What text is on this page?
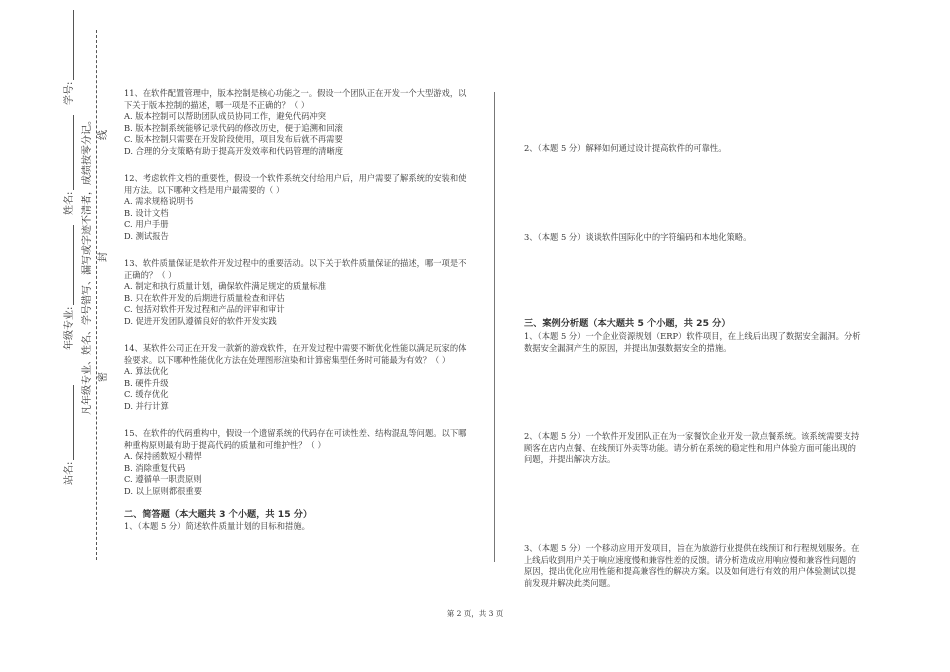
凡年级专业、姓名、学号错写、漏写或字迹不清者，成绩按零分记。 密
封
线
学号:
姓名:
年级专业:
站名:

11、在软件配置管理中，版本控制是核心功能之一。假设一个团队正在开发一个大型游戏，以下关于版本控制的描述，哪一项是不正确的？（ ）

A. 版本控制可以帮助团队成员协同工作，避免代码冲突

B. 版本控制系统能够记录代码的修改历史，便于追溯和回滚

C. 版本控制只需要在开发阶段使用，项目发布后就不再需要

D. 合理的分支策略有助于提高开发效率和代码管理的清晰度

12、考虑软件文档的重要性，假设一个软件系统交付给用户后，用户需要了解系统的安装和使用方法。以下哪种文档是用户最需要的（ ）

A. 需求规格说明书

B. 设计文档

C. 用户手册

D. 测试报告

13、软件质量保证是软件开发过程中的重要活动。以下关于软件质量保证的描述，哪一项是不正确的？（ ）

A. 制定和执行质量计划，确保软件满足规定的质量标准

B. 只在软件开发的后期进行质量检查和评估

C. 包括对软件开发过程和产品的评审和审计

D. 促进开发团队遵循良好的软件开发实践

14、某软件公司正在开发一款新的游戏软件，在开发过程中需要不断优化性能以满足玩家的体验要求。以下哪种性能优化方法在处理图形渲染和计算密集型任务时可能最为有效？（ ）

A. 算法优化

B. 硬件升级

C. 缓存优化

D. 并行计算

15、在软件的代码重构中，假设一个遗留系统的代码存在可读性差、结构混乱等问题。以下哪种重构原则最有助于提高代码的质量和可维护性？（ ）

A. 保持函数短小精悍

B. 消除重复代码

C. 遵循单一职责原则

D. 以上原则都很重要

二、简答题（本大题共 3 个小题，共 15 分）

1、（本题 5 分）简述软件质量计划的目标和措施。

2、（本题 5 分）解释如何通过设计提高软件的可靠性。

3、（本题 5 分）谈谈软件国际化中的字符编码和本地化策略。

三、案例分析题（本大题共 5 个小题，共 25 分）

1、（本题 5 分）一个企业资源规划（ERP）软件项目，在上线后出现了数据安全漏洞。分析数据安全漏洞产生的原因，并提出加强数据安全的措施。

2、（本题 5 分）一个软件开发团队正在为一家餐饮企业开发一款点餐系统。该系统需要支持顾客在店内点餐、在线预订外卖等功能。请分析在系统的稳定性和用户体验方面可能出现的问题，并提出解决方法。

3、（本题 5 分）一个移动应用开发项目，旨在为旅游行业提供在线预订和行程规划服务。在上线后收到用户关于响应速度慢和兼容性差的反馈。请分析造成应用响应慢和兼容性问题的原因，提出优化应用性能和提高兼容性的解决方案。以及如何进行有效的用户体验测试以提前发现并解决此类问题。

第 2 页，共 3 页
